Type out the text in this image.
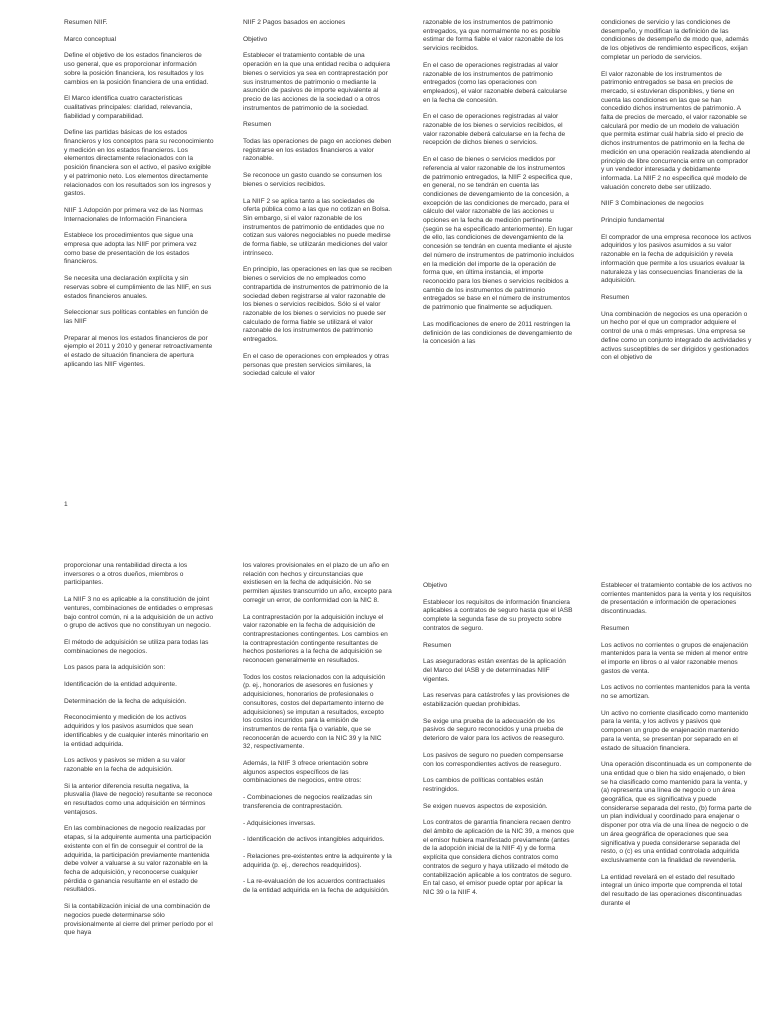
Resumen NIIF.

Marco conceptual

Define el objetivo de los estados financieros de uso general, que es proporcionar información sobre la posición financiera, los resultados y los cambios en la posición financiera de una entidad.

El Marco identifica cuatro características cualitativas principales: claridad, relevancia, fiabilidad y comparabilidad.

Define las partidas básicas de los estados financieros y los conceptos para su reconocimiento y medición en los estados financieros. Los elementos directamente relacionados con la posición financiera son el activo, el pasivo exigible y el patrimonio neto. Los elementos directamente relacionados con los resultados son los ingresos y gastos.

NIIF 1 Adopción por primera vez de las Normas Internacionales de Información Financiera

Establece los procedimientos que sigue una empresa que adopta las NIIF por primera vez como base de presentación de los estados financieros.

Se necesita una declaración explícita y sin reservas sobre el cumplimiento de las NIIF, en sus estados financieros anuales.

Seleccionar sus políticas contables en función de las NIIF

Preparar al menos los estados financieros de por ejemplo el 2011 y 2010 y generar retroactivamente el estado de situación financiera de apertura aplicando las NIIF vigentes.

NIIF 2 Pagos basados en acciones

Objetivo

Establecer el tratamiento contable de una operación en la que una entidad reciba o adquiera bienes o servicios ya sea en contraprestación por sus instrumentos de patrimonio o mediante la asunción de pasivos de importe equivalente al precio de las acciones de la sociedad o a otros instrumentos de patrimonio de la sociedad.

Resumen

Todas las operaciones de pago en acciones deben registrarse en los estados financieros a valor razonable.

Se reconoce un gasto cuando se consumen los bienes o servicios recibidos.

La NIIF 2 se aplica tanto a las sociedades de oferta pública como a las que no cotizan en Bolsa. Sin embargo, si el valor razonable de los instrumentos de patrimonio de entidades que no cotizan sus valores negociables no puede medirse de forma fiable, se utilizarán mediciones del valor intrínseco.

En principio, las operaciones en las que se reciben bienes o servicios de no empleados como contrapartida de instrumentos de patrimonio de la sociedad deben registrarse al valor razonable de los bienes o servicios recibidos. Sólo si el valor razonable de los bienes o servicios no puede ser calculado de forma fiable se utilizará el valor razonable de los instrumentos de patrimonio entregados.

En el caso de operaciones con empleados y otras personas que presten servicios similares, la sociedad calcule el valor

razonable de los instrumentos de patrimonio entregados, ya que normalmente no es posible estimar de forma fiable el valor razonable de los servicios recibidos.

En el caso de operaciones registradas al valor razonable de los instrumentos de patrimonio entregados (como las operaciones con empleados), el valor razonable deberá calcularse en la fecha de concesión.

En el caso de operaciones registradas al valor razonable de los bienes o servicios recibidos, el valor razonable deberá calcularse en la fecha de recepción de dichos bienes o servicios.

En el caso de bienes o servicios medidos por referencia al valor razonable de los instrumentos de patrimonio entregados, la NIIF 2 especifica que, en general, no se tendrán en cuenta las condiciones de devengamiento de la concesión, a excepción de las condiciones de mercado, para el cálculo del valor razonable de las acciones u opciones en la fecha de medición pertinente (según se ha especificado anteriormente). En lugar de ello, las condiciones de devengamiento de la concesión se tendrán en cuenta mediante el ajuste del número de instrumentos de patrimonio incluidos en la medición del importe de la operación de forma que, en última instancia, el importe reconocido para los bienes o servicios recibidos a cambio de los instrumentos de patrimonio entregados se base en el número de instrumentos de patrimonio que finalmente se adjudiquen.

Las modificaciones de enero de 2011 restringen la definición de las condiciones de devengamiento de la concesión a las

condiciones de servicio y las condiciones de desempeño, y modifican la definición de las condiciones de desempeño de modo que, además de los objetivos de rendimiento específicos, exijan completar un período de servicios.

El valor razonable de los instrumentos de patrimonio entregados se basa en precios de mercado, si estuvieran disponibles, y tiene en cuenta las condiciones en las que se han concedido dichos instrumentos de patrimonio. A falta de precios de mercado, el valor razonable se calculará por medio de un modelo de valuación que permita estimar cuál habría sido el precio de dichos instrumentos de patrimonio en la fecha de medición en una operación realizada atendiendo al principio de libre concurrencia entre un comprador y un vendedor interesada y debidamente informada. La NIIF 2 no especifica qué modelo de valuación concreto debe ser utilizado.

NIIF 3 Combinaciones de negocios

Principio fundamental

El comprador de una empresa reconoce los activos adquiridos y los pasivos asumidos a su valor razonable en la fecha de adquisición y revela información que permite a los usuarios evaluar la naturaleza y las consecuencias financieras de la adquisición.

Resumen

Una combinación de negocios es una operación o un hecho por el que un comprador adquiere el control de una o más empresas. Una empresa se define como un conjunto integrado de actividades y activos susceptibles de ser dirigidos y gestionados con el objetivo de

1

proporcionar una rentabilidad directa a los inversores o a otros dueños, miembros o participantes.

La NIIF 3 no es aplicable a la constitución de joint ventures, combinaciones de entidades o empresas bajo control común, ni a la adquisición de un activo o grupo de activos que no constituyan un negocio.

El método de adquisición se utiliza para todas las combinaciones de negocios.

Los pasos para la adquisición son:

Identificación de la entidad adquirente.

Determinación de la fecha de adquisición.

Reconocimiento y medición de los activos adquiridos y los pasivos asumidos que sean identificables y de cualquier interés minoritario en la entidad adquirida.

Los activos y pasivos se miden a su valor razonable en la fecha de adquisición.

Si la anterior diferencia resulta negativa, la plusvalía (llave de negocio) resultante se reconoce en resultados como una adquisición en términos ventajosos.

En las combinaciones de negocio realizadas por etapas, si la adquirente aumenta una participación existente con el fin de conseguir el control de la adquirida, la participación previamente mantenida debe volver a valuarse a su valor razonable en la fecha de adquisición, y reconocerse cualquier pérdida o ganancia resultante en el estado de resultados.

Si la contabilización inicial de una combinación de negocios puede determinarse sólo provisionalmente al cierre del primer período por el que haya

los valores provisionales en el plazo de un año en relación con hechos y circunstancias que existiesen en la fecha de adquisición. No se permiten ajustes transcurrido un año, excepto para corregir un error, de conformidad con la NIC 8.

La contraprestación por la adquisición incluye el valor razonable en la fecha de adquisición de contraprestaciones contingentes. Los cambios en la contraprestación contingente resultantes de hechos posteriores a la fecha de adquisición se reconocen generalmente en resultados.

Todos los costos relacionados con la adquisición (p. ej., honorarios de asesores en fusiones y adquisiciones, honorarios de profesionales o consultores, costos del departamento interno de adquisiciones) se imputan a resultados, excepto los costos incurridos para la emisión de instrumentos de renta fija o variable, que se reconocerán de acuerdo con la NIC 39 y la NIC 32, respectivamente.

Además, la NIIF 3 ofrece orientación sobre algunos aspectos específicos de las combinaciones de negocios, entre otros:

- Combinaciones de negocios realizadas sin transferencia de contraprestación.

- Adquisiciones inversas.

- Identificación de activos intangibles adquiridos.

- Relaciones pre-existentes entre la adquirente y la adquirida (p. ej., derechos readquiridos).

- La re-evaluación de los acuerdos contractuales de la entidad adquirida en la fecha de adquisición.

Objetivo

Establecer los requisitos de información financiera aplicables a contratos de seguro hasta que el IASB complete la segunda fase de su proyecto sobre contratos de seguro.

Resumen

Las aseguradoras están exentas de la aplicación del Marco del IASB y de determinadas NIIF vigentes.

Las reservas para catástrofes y las provisiones de estabilización quedan prohibidas.

Se exige una prueba de la adecuación de los pasivos de seguro reconocidos y una prueba de deterioro de valor para los activos de reaseguro.

Los pasivos de seguro no pueden compensarse con los correspondientes activos de reaseguro.

Los cambios de políticas contables están restringidos.

Se exigen nuevos aspectos de exposición.

Los contratos de garantía financiera recaen dentro del ámbito de aplicación de la NIC 39, a menos que el emisor hubiera manifestado previamente (antes de la adopción inicial de la NIIF 4) y de forma explícita que considera dichos contratos como contratos de seguro y haya utilizado el método de contabilización aplicable a los contratos de seguro. En tal caso, el emisor puede optar por aplicar la NIC 39 o la NIIF 4.

Establecer el tratamiento contable de los activos no corrientes mantenidos para la venta y los requisitos de presentación e información de operaciones discontinuadas.

Resumen

Los activos no corrientes o grupos de enajenación mantenidos para la venta se miden al menor entre el importe en libros o al valor razonable menos gastos de venta.

Los activos no corrientes mantenidos para la venta no se amortizan.

Un activo no corriente clasificado como mantenido para la venta, y los activos y pasivos que componen un grupo de enajenación mantenido para la venta, se presentan por separado en el estado de situación financiera.

Una operación discontinuada es un componente de una entidad que o bien ha sido enajenado, o bien se ha clasificado como mantenido para la venta, y (a) representa una línea de negocio o un área geográfica, que es significativa y puede considerarse separada del resto, (b) forma parte de un plan individual y coordinado para enajenar o disponer por otra vía de una línea de negocio o de un área geográfica de operaciones que sea significativa y pueda considerarse separada del resto, o (c) es una entidad controlada adquirida exclusivamente con la finalidad de revendería.

La entidad revelará en el estado del resultado integral un único importe que comprenda el total del resultado de las operaciones discontinuadas durante el
